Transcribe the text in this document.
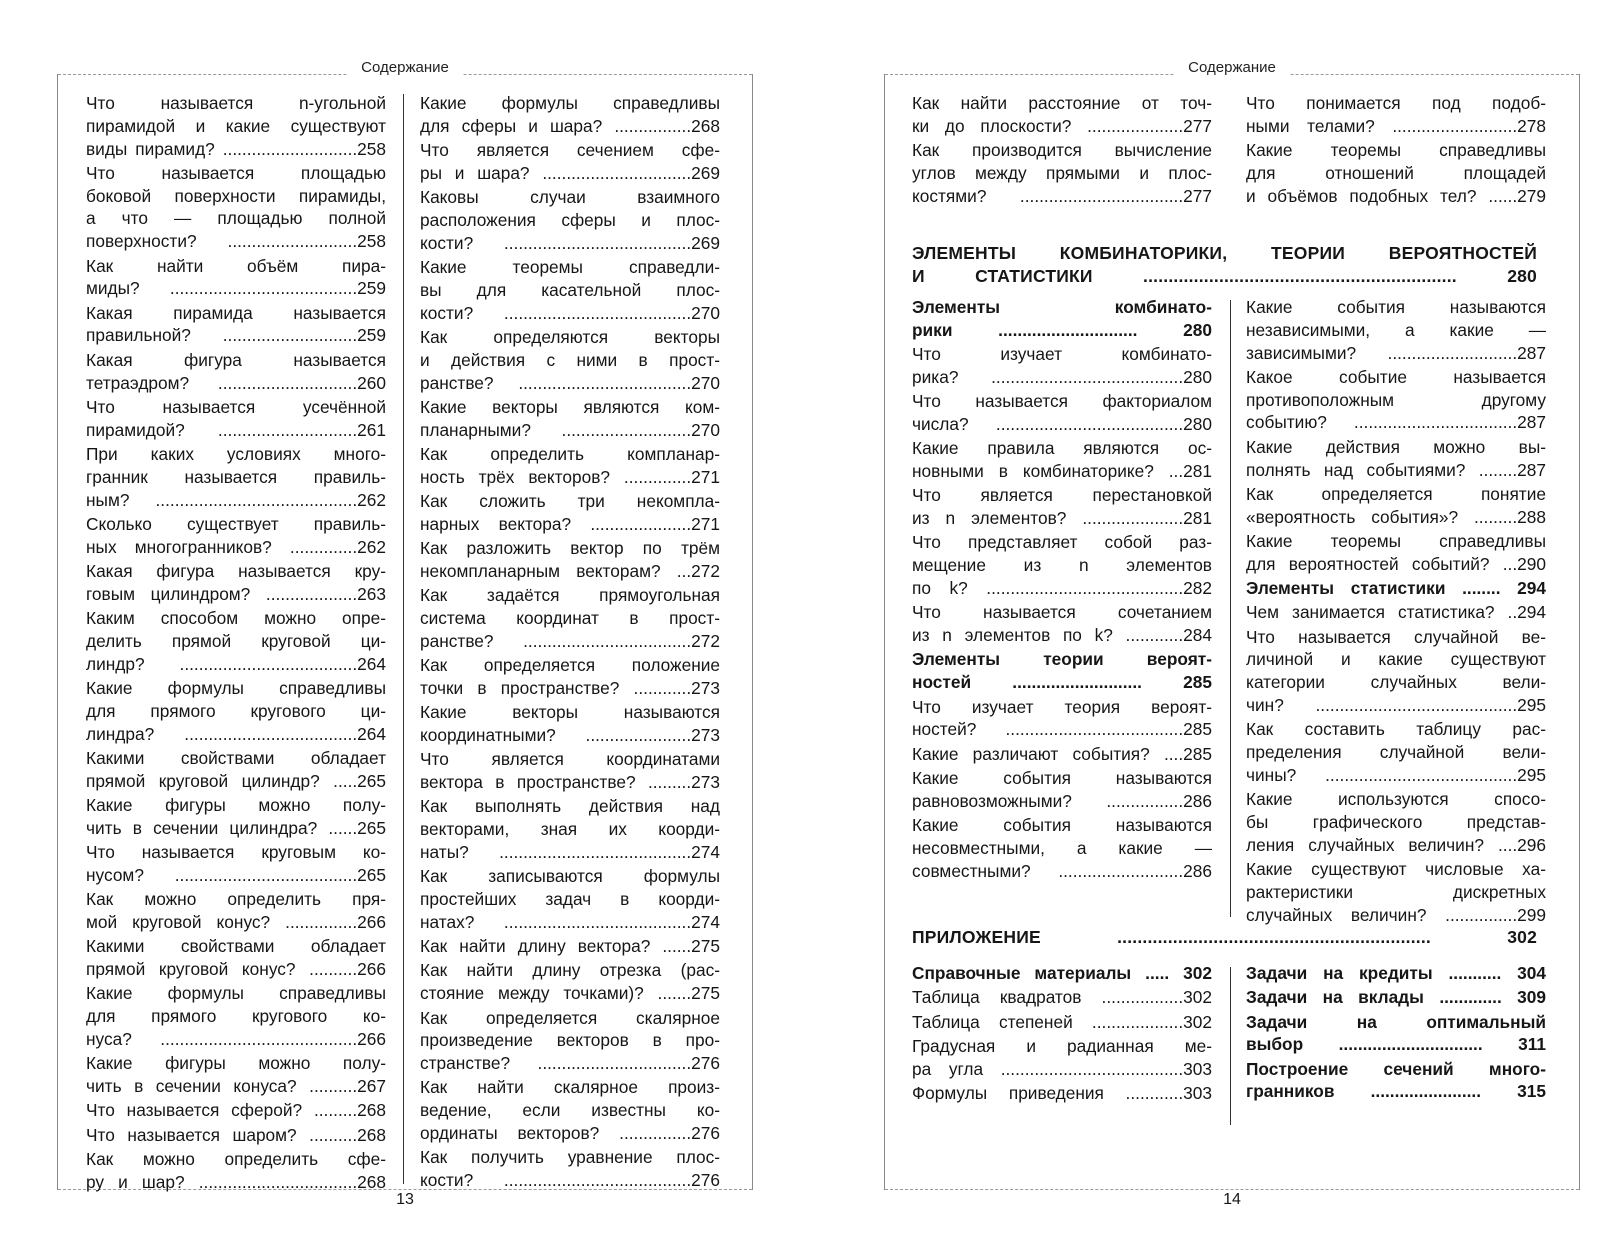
Содержание
Что называется n-угольной
пирамидой и какие существуют
виды пирамид? ............................258
Что называется площадью
боковой поверхности пирамиды,
а что — площадью полной
поверхности? ...........................258
Как найти объём пира-
миды? .......................................259
Какая пирамида называется
правильной? ............................259
Какая фигура называется
тетраэдром? .............................260
Что называется усечённой
пирамидой? .............................261
При каких условиях много-
гранник называется правиль-
ным? ..........................................262
Сколько существует правиль-
ных многогранников? ..............262
Какая фигура называется кру-
говым цилиндром? ...................263
Каким способом можно опре-
делить прямой круговой ци-
линдр? .....................................264
Какие формулы справедливы
для прямого кругового ци-
линдра? ....................................264
Какими свойствами обладает
прямой круговой цилиндр? .....265
Какие фигуры можно полу-
чить в сечении цилиндра? ......265
Что называется круговым ко-
нусом? ......................................265
Как можно определить пря-
мой круговой конус? ...............266
Какими свойствами обладает
прямой круговой конус? ..........266
Какие формулы справедливы
для прямого кругового ко-
нуса? .........................................266
Какие фигуры можно полу-
чить в сечении конуса? ..........267
Что называется сферой? .........268
Что называется шаром? ..........268
Как можно определить сфе-
ру и шар? .................................268
Какие формулы справедливы
для сферы и шара? ................268
Что является сечением сфе-
ры и шара? ...............................269
Каковы случаи взаимного
расположения сферы и плос-
кости? .......................................269
Какие теоремы справедли-
вы для касательной плос-
кости? .......................................270
Как определяются векторы
и действия с ними в прост-
ранстве? ....................................270
Какие векторы являются ком-
планарными? ...........................270
Как определить компланар-
ность трёх векторов? ..............271
Как сложить три некомпла-
нарных вектора? .....................271
Как разложить вектор по трём
некомпланарным векторам? ...272
Как задаётся прямоугольная
система координат в прост-
ранстве? ...................................272
Как определяется положение
точки в пространстве? ............273
Какие векторы называются
координатными? ......................273
Что является координатами
вектора в пространстве? .........273
Как выполнять действия над
векторами, зная их коорди-
наты? ........................................274
Как записываются формулы
простейших задач в коорди-
натах? .......................................274
Как найти длину вектора? ......275
Как найти длину отрезка (рас-
стояние между точками)? .......275
Как определяется скалярное
произведение векторов в про-
странстве? ................................276
Как найти скалярное произ-
ведение, если известны ко-
ординаты векторов? ...............276
Как получить уравнение плос-
кости? .......................................276
13
Содержание
Как найти расстояние от точ-
ки до плоскости? ....................277
Как производится вычисление
углов между прямыми и плос-
костями? ..................................277
Что понимается под подоб-
ными телами? ..........................278
Какие теоремы справедливы
для отношений площадей
и объёмов подобных тел? ......279
ЭЛЕМЕНТЫ КОМБИНАТОРИКИ, ТЕОРИИ ВЕРОЯТНОСТЕЙ
И СТАТИСТИКИ .............................................................. 280
Элементы комбинато-
рики ............................. 280
Что изучает комбинато-
рика? ........................................280
Что называется факториалом
числа? .......................................280
Какие правила являются ос-
новными в комбинаторике? ...281
Что является перестановкой
из n элементов? .....................281
Что представляет собой раз-
мещение из n элементов
по k? .........................................282
Что называется сочетанием
из n элементов по k? ............284
Элементы теории вероят-
ностей ........................... 285
Что изучает теория вероят-
ностей? .....................................285
Какие различают события? ....285
Какие события называются
равновозможными? ................286
Какие события называются
несовместными, а какие —
совместными? ..........................286
Какие события называются
независимыми, а какие —
зависимыми? ...........................287
Какое событие называется
противоположным другому
событию? ..................................287
Какие действия можно вы-
полнять над событиями? ........287
Как определяется понятие
«вероятность события»? .........288
Какие теоремы справедливы
для вероятностей событий? ...290
Элементы статистики ........ 294
Чем занимается статистика? ..294
Что называется случайной ве-
личиной и какие существуют
категории случайных вели-
чин? ..........................................295
Как составить таблицу рас-
пределения случайной вели-
чины? ........................................295
Какие используются спосо-
бы графического представ-
ления случайных величин? ....296
Какие существуют числовые ха-
рактеристики дискретных
случайных величин? ...............299
ПРИЛОЖЕНИЕ .............................................................. 302
Справочные материалы ..... 302
Таблица квадратов .................302
Таблица степеней ...................302
Градусная и радианная ме-
ра угла ......................................303
Формулы приведения ............303
Задачи на кредиты ........... 304
Задачи на вклады ............. 309
Задачи на оптимальный
выбор .............................. 311
Построение сечений много-
гранников ....................... 315
14
